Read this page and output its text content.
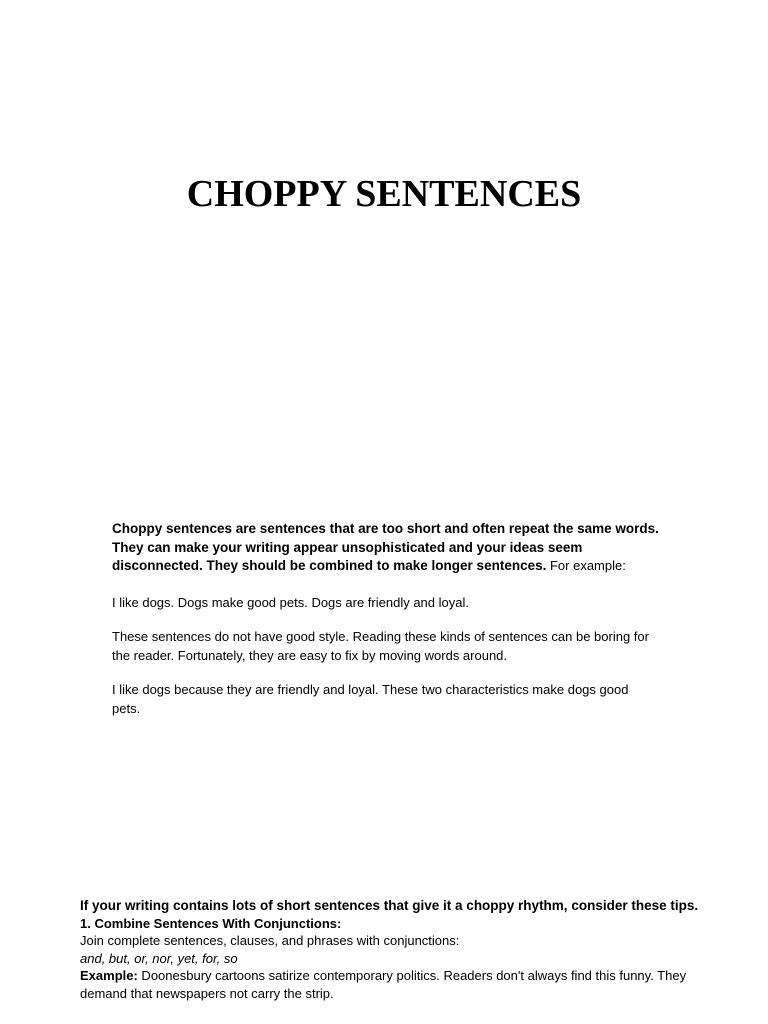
CHOPPY SENTENCES

Choppy sentences are sentences that are too short and often repeat the same words. They can make your writing appear unsophisticated and your ideas seem disconnected. They should be combined to make longer sentences. For example:

I like dogs. Dogs make good pets. Dogs are friendly and loyal.

These sentences do not have good style. Reading these kinds of sentences can be boring for the reader. Fortunately, they are easy to fix by moving words around.

I like dogs because they are friendly and loyal. These two characteristics make dogs good pets.

If your writing contains lots of short sentences that give it a choppy rhythm, consider these tips.
1. Combine Sentences With Conjunctions:
Join complete sentences, clauses, and phrases with conjunctions:
and, but, or, nor, yet, for, so
Example: Doonesbury cartoons satirize contemporary politics. Readers don't always find this funny. They demand that newspapers not carry the strip.
